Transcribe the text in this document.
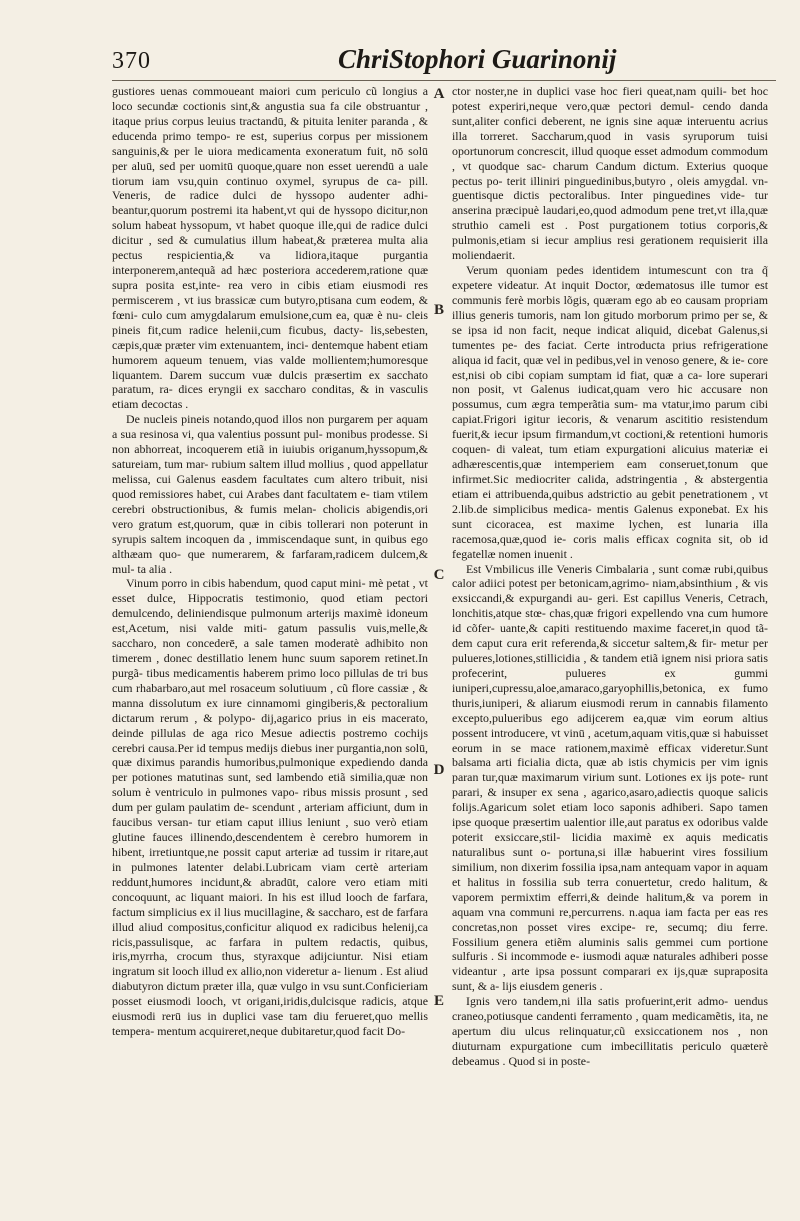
370	ChriStophori Guarinonij

gustiores uenas commoueant maiori cum periculo cũ longius a loco secundæ coctionis sint,& angustia sua fa cile obstruantur , itaque prius corpus leuius tractandū, & pituita leniter paranda , & educenda primo tempo- re est, superius corpus per missionem sanguinis,& per le uiora medicamenta exoneratum fuit, nō solū per aluū, sed per uomitū quoque,quare non esset uerendū a uale tiorum iam vsu,quin continuo oxymel, syrupus de ca- pill. Veneris, de radice dulci de hyssopo audenter adhi- beantur,quorum postremi ita habent,vt qui de hyssopo dicitur,non solum habeat hyssopum, vt habet quoque ille,qui de radice dulci dicitur , sed & cumulatius illum habeat,& præterea multa alia pectus respicientia,& va lidiora,itaque purgantia interponerem,antequã ad hæc posteriora accederem,ratione quæ supra posita est,inte- rea vero in cibis etiam eiusmodi res permiscerem , vt ius brassicæ cum butyro,ptisana cum eodem, & fœni- culo cum amygdalarum emulsione,cum ea, quæ è nu- cleis pineis fit,cum radice helenii,cum ficubus, dacty- lis,sebesten, cæpis,quæ præter vim extenuantem, inci- dentemque habent etiam humorem aqueum tenuem, vias valde mollientem;humoresque liquantem. Darem succum vuæ dulcis præsertim ex sacchato paratum, ra- dices eryngii ex saccharo conditas, & in vasculis etiam decoctas .

De nucleis pineis notando,quod illos non purgarem per aquam a sua resinosa vi, qua valentius possunt pul- monibus prodesse. Si non abhorreat, incoquerem etiã in iuiubis origanum,hyssopum,& satureiam, tum mar- rubium saltem illud mollius , quod appellatur melissa, cui Galenus easdem facultates cum altero tribuit, nisi quod remissiores habet, cui Arabes dant facultatem e- tiam vtilem cerebri obstructionibus, & fumis melan- cholicis abigendis,ori vero gratum est,quorum, quæ in cibis tollerari non poterunt in syrupis saltem incoquen da , immiscendaque sunt, in quibus ego althæam quo- que numerarem, & farfaram,radicem dulcem,& mul- ta alia .

Vinum porro in cibis habendum, quod caput mini- mè petat , vt esset dulce, Hippocratis testimonio, quod etiam pectori demulcendo, deliniendisque pulmonum arterijs maximè idoneum est,Acetum, nisi valde miti- gatum passulis vuis,melle,& saccharo, non concederē, a sale tamen moderatè adhibito non timerem , donec destillatio lenem hunc suum saporem retinet.In purgã- tibus medicamentis haberem primo loco pillulas de tri bus cum rhabarbaro,aut mel rosaceum solutiuum , cũ flore cassiæ , & manna dissolutum ex iure cinnamomi gingiberis,& pectoralium dictarum rerum , & polypo- dij,agarico prius in eis macerato, deinde pillulas de aga rico Mesue adiectis postremo cochijs cerebri causa.Per id tempus medijs diebus iner purgantia,non solū, quæ diximus parandis humoribus,pulmonique expediendo danda per potiones matutinas sunt, sed lambendo etiã similia,quæ non solum è ventriculo in pulmones vapo- ribus missis prosunt , sed dum per gulam paulatim de- scendunt , arteriam afficiunt, dum in faucibus versan- tur etiam caput illius leniunt , suo verò etiam glutine fauces illinendo,descendentem è cerebro humorem in hibent, irretiuntque,ne possit caput arteriæ ad tussim ir ritare,aut in pulmones latenter delabi.Lubricam viam certè arteriam reddunt,humores incidunt,& abradūt, calore vero etiam miti concoquunt, ac liquant maiori. In his est illud looch de farfara, factum simplicius ex il lius mucillagine, & saccharo, est de farfara illud aliud compositus,conficitur aliquod ex radicibus helenij,ca ricis,passulisque, ac farfara in pultem redactis, quibus, iris,myrrha, crocum thus, styraxque adijciuntur. Nisi etiam ingratum sit looch illud ex allio,non videretur a- lienum . Est aliud diabutyron dictum præter illa, quæ vulgo in vsu sunt.Conficieriam posset eiusmodi looch, vt origani,iridis,dulcisque radicis, atque eiusmodi rerū ius in duplici vase tam diu ferueret,quo mellis tempera- mentum acquireret,neque dubitaretur,quod facit Do-

A
B
C
D
E

ctor noster,ne in duplici vase hoc fieri queat,nam quili- bet hoc potest experiri,neque vero,quæ pectori demul- cendo danda sunt,aliter confici deberent, ne ignis sine aquæ interuentu acrius illa torreret. Saccharum,quod in vasis syruporum tuisi oportunorum concrescit, illud quoque esset admodum commodum , vt quodque sac- charum Candum dictum. Exterius quoque pectus po- terit illiniri pinguedinibus,butyro , oleis amygdal. vn- guentisque dictis pectoralibus. Inter pinguedines vide- tur anserina præcipuè laudari,eo,quod admodum pene tret,vt illa,quæ struthio cameli est . Post purgationem totius corporis,& pulmonis,etiam si iecur amplius resi gerationem requisierit illa moliendaerit.

Verum quoniam pedes identidem intumescunt con tra q̃ expetere videatur. At inquit Doctor, œdematosus ille tumor est communis ferè morbis lõgis, quæram ego ab eo causam propriam illius generis tumoris, nam lon gitudo morborum primo per se, & se ipsa id non facit, neque indicat aliquid, dicebat Galenus,si tumentes pe- des faciat. Certe introducta prius refrigeratione aliqua id facit, quæ vel in pedibus,vel in venoso genere, & ie- core est,nisi ob cibi copiam sumptam id fiat, quæ a ca- lore superari non posit, vt Galenus iudicat,quam vero hic accusare non possumus, cum ægra temperãtia sum- ma vtatur,imo parum cibi capiat.Frigori igitur iecoris, & venarum ascititio resistendum fuerit,& iecur ipsum firmandum,vt coctioni,& retentioni humoris coquen- di valeat, tum etiam expurgationi alicuius materiæ ei adhærescentis,quæ intemperiem eam conseruet,tonum que infirmet.Sic mediocriter calida, adstringentia , & abstergentia etiam ei attribuenda,quibus adstrictio au gebit penetrationem , vt 2.lib.de simplicibus medica- mentis Galenus exponebat. Ex his sunt cicoracea, est maxime lychen, est lunaria illa racemosa,quæ,quod ie- coris malis efficax cognita sit, ob id fegatellæ nomen inuenit .

Est Vmbilicus ille Veneris Cimbalaria , sunt comæ rubi,quibus calor adiici potest per betonicam,agrimo- niam,absinthium , & vis exsiccandi,& expurgandi au- geri. Est capillus Veneris, Cetrach, lonchitis,atque stœ- chas,quæ frigori expellendo vna cum humore id cõfer- uante,& capiti restituendo maxime faceret,in quod tã- dem caput cura erit referenda,& siccetur saltem,& fir- metur per pulueres,lotiones,stillicidia , & tandem etiã ignem nisi priora satis profecerint, pulueres ex gummi iuniperi,cupressu,aloe,amaraco,garyophillis,betonica, ex fumo thuris,iuniperi, & aliarum eiusmodi rerum in cannabis filamento excepto,pulueribus ego adijcerem ea,quæ vim eorum altius possent introducere, vt vinū , acetum,aquam vitis,quæ si habuisset eorum in se mace rationem,maximè efficax videretur.Sunt balsama arti ficialia dicta, quæ ab istis chymicis per vim ignis paran tur,quæ maximarum virium sunt. Lotiones ex ijs pote- runt parari, & insuper ex sena , agarico,asaro,adiectis quoque salicis folijs.Agaricum solet etiam loco saponis adhiberi. Sapo tamen ipse quoque præsertim ualentior ille,aut paratus ex odoribus valde poterit exsiccare,stil- licidia maximè ex aquis medicatis naturalibus sunt o- portuna,si illæ habuerint vires fossilium similium, non dixerim fossilia ipsa,nam antequam vapor in aquam et halitus in fossilia sub terra conuertetur, credo halitum, & vaporem permixtim efferri,& deinde halitum,& va porem in aquam vna communi re,percurrens. n.aqua iam facta per eas res concretas,non posset vires excipe- re, secumq; diu ferre. Fossilium genera etiẽm aluminis salis gemmei cum portione sulfuris . Si incommode e- iusmodi aquæ naturales adhiberi posse videantur , arte ipsa possunt comparari ex ijs,quæ supraposita sunt, & a- lijs eiusdem generis .

Ignis vero tandem,ni illa satis profuerint,erit admo- uendus craneo,potiusque candenti ferramento , quam medicamẽtis, ita, ne apertum diu ulcus relinquatur,cũ exsiccationem nos , non diuturnam expurgatione cum imbecillitatis periculo quæterè debeamus . Quod si in poste-
